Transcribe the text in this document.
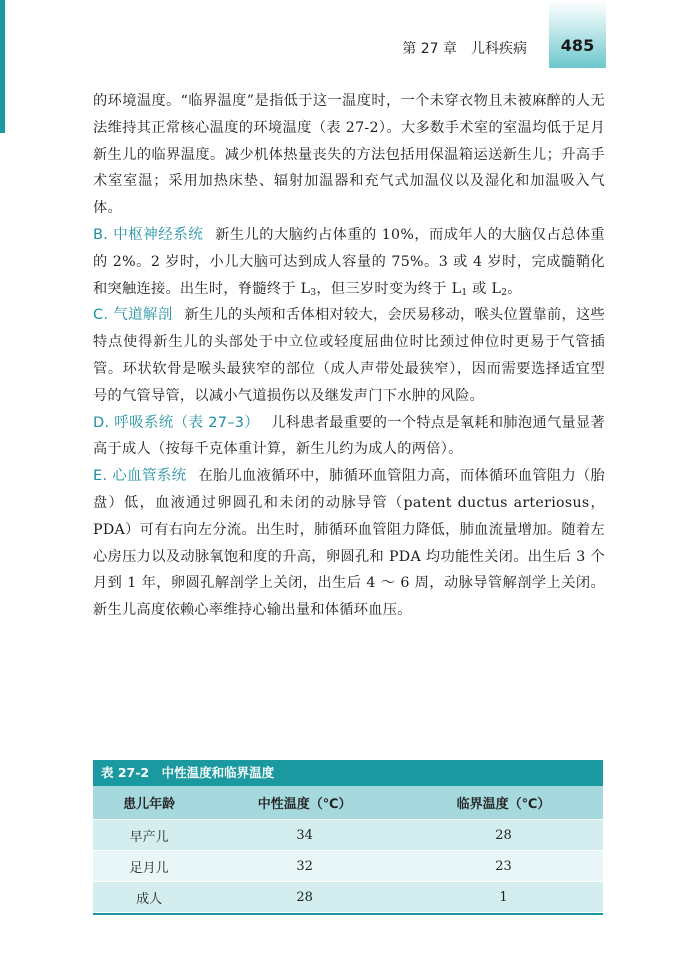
第 27 章　儿科疾病	485

的环境温度。“临界温度”是指低于这一温度时，一个未穿衣物且未被麻醉的人无法维持其正常核心温度的环境温度（表 27-2）。大多数手术室的室温均低于足月新生儿的临界温度。减少机体热量丧失的方法包括用保温箱运送新生儿；升高手术室室温；采用加热床垫、辐射加温器和充气式加温仪以及湿化和加温吸入气体。

B. 中枢神经系统 新生儿的大脑约占体重的 10%，而成年人的大脑仅占总体重的 2%。2 岁时，小儿大脑可达到成人容量的 75%。3 或 4 岁时，完成髓鞘化和突触连接。出生时，脊髓终于 $L_3$，但三岁时变为终于 $L_1$ 或 $L_2$。

C. 气道解剖 新生儿的头颅和舌体相对较大，会厌易移动，喉头位置靠前，这些特点使得新生儿的头部处于中立位或轻度屈曲位时比颈过伸位时更易于气管插管。环状软骨是喉头最狭窄的部位（成人声带处最狭窄），因而需要选择适宜型号的气管导管，以减小气道损伤以及继发声门下水肿的风险。

D. 呼吸系统（表 27–3） 儿科患者最重要的一个特点是氧耗和肺泡通气量显著高于成人（按每千克体重计算，新生儿约为成人的两倍）。

E. 心血管系统 在胎儿血液循环中，肺循环血管阻力高，而体循环血管阻力（胎盘）低，血液通过卵圆孔和未闭的动脉导管（patent ductus arteriosus，PDA）可有右向左分流。出生时，肺循环血管阻力降低，肺血流量增加。随着左心房压力以及动脉氧饱和度的升高，卵圆孔和 PDA 均功能性关闭。出生后 3 个月到 1 年，卵圆孔解剖学上关闭，出生后 4 ～ 6 周，动脉导管解剖学上关闭。新生儿高度依赖心率维持心输出量和体循环血压。

表 27-2　中性温度和临界温度
患儿年龄	中性温度（℃）	临界温度（℃）
早产儿	34	28
足月儿	32	23
成人	28	1
